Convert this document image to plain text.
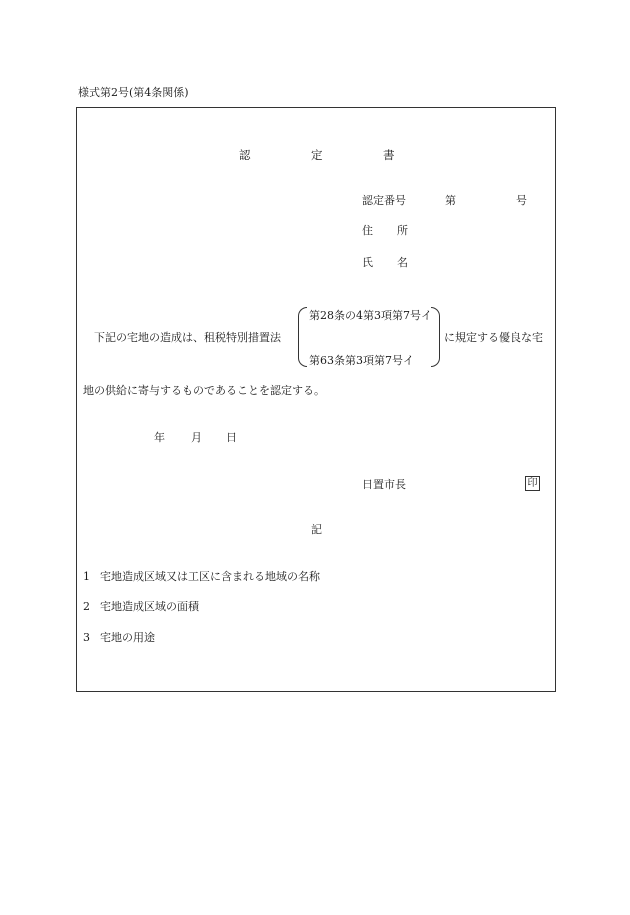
様式第2号(第4条関係)
認	定	書
認定番号	第	号
住 所
氏 名
下記の宅地の造成は、租税特別措置法
第28条の4第3項第7号イ
第63条第3項第7号イ
に規定する優良な宅
地の供給に寄与するものであることを認定する。
年 月 日
日置市長	印
記
1 宅地造成区域又は工区に含まれる地域の名称
2 宅地造成区域の面積
3 宅地の用途
